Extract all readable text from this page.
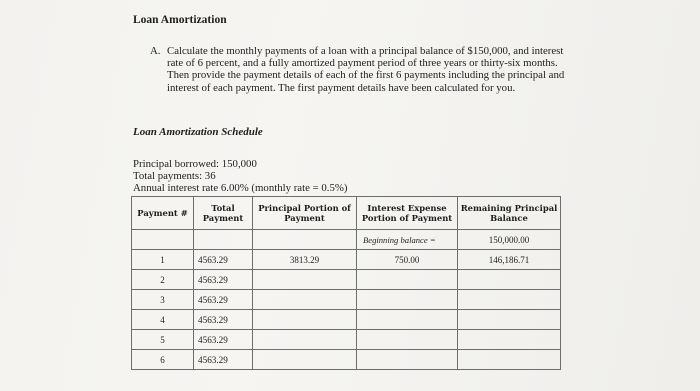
Loan Amortization
A. Calculate the monthly payments of a loan with a principal balance of $150,000, and interest rate of 6 percent, and a fully amortized payment period of three years or thirty-six months. Then provide the payment details of each of the first 6 payments including the principal and interest of each payment. The first payment details have been calculated for you.
Loan Amortization Schedule
Principal borrowed: 150,000
Total payments: 36
Annual interest rate 6.00% (monthly rate = 0.5%)
Payment #	Total Payment	Principal Portion of Payment	Interest Expense Portion of Payment	Remaining Principal Balance
			Beginning balance =	150,000.00
1	4563.29	3813.29	750.00	146,186.71
2	4563.29			
3	4563.29			
4	4563.29			
5	4563.29			
6	4563.29			
